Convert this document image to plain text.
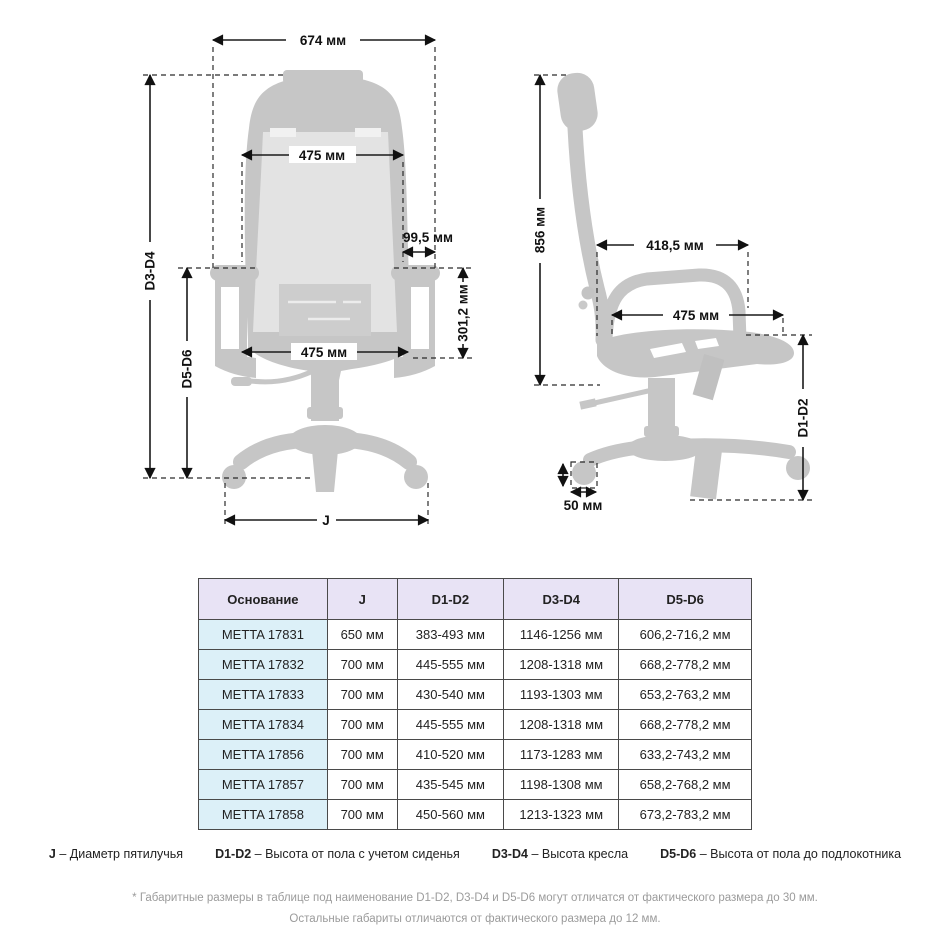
674 мм
D3-D4
D5-D6
475 мм
99,5 мм
301,2 мм
475 мм
J
856 мм	418,5 мм
475 мм
D1-D2
50 мм
Основание	J	D1-D2	D3-D4	D5-D6
METTA 17831	650 мм	383-493 мм	1146-1256 мм	606,2-716,2 мм
METTA 17832	700 мм	445-555 мм	1208-1318 мм	668,2-778,2 мм
METTA 17833	700 мм	430-540 мм	1193-1303 мм	653,2-763,2 мм
METTA 17834	700 мм	445-555 мм	1208-1318 мм	668,2-778,2 мм
METTA 17856	700 мм	410-520 мм	1173-1283 мм	633,2-743,2 мм
METTA 17857	700 мм	435-545 мм	1198-1308 мм	658,2-768,2 мм
METTA 17858	700 мм	450-560 мм	1213-1323 мм	673,2-783,2 мм
J – Диаметр пятилучья	D1-D2 – Высота от пола с учетом сиденья	D3-D4 – Высота кресла	D5-D6 – Высота от пола до подлокотника
* Габаритные размеры в таблице под наименование D1-D2, D3-D4 и D5-D6 могут отличатся от фактического размера до 30 мм.
Остальные габариты отличаются от фактического размера до 12 мм.
